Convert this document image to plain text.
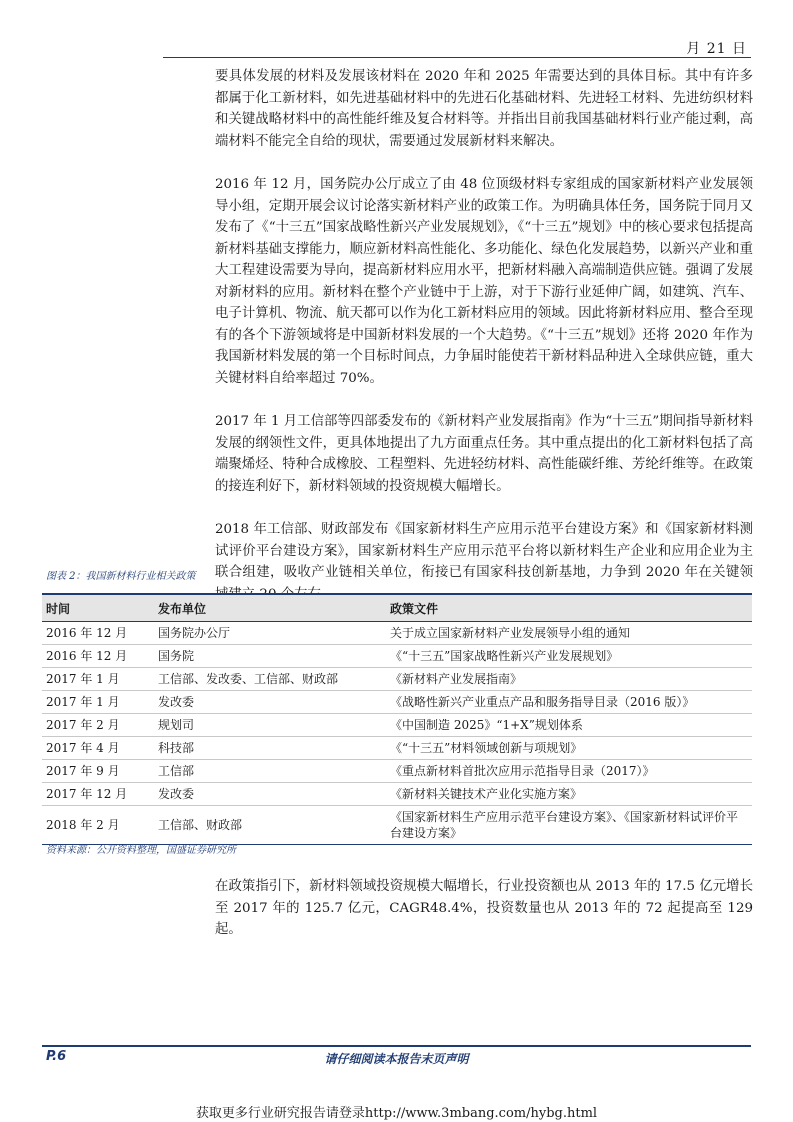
月 21 日

要具体发展的材料及发展该材料在 2020 年和 2025 年需要达到的具体目标。其中有许多都属于化工新材料，如先进基础材料中的先进石化基础材料、先进轻工材料、先进纺织材料和关键战略材料中的高性能纤维及复合材料等。并指出目前我国基础材料行业产能过剩，高端材料不能完全自给的现状，需要通过发展新材料来解决。

2016 年 12 月，国务院办公厅成立了由 48 位顶级材料专家组成的国家新材料产业发展领导小组，定期开展会议讨论落实新材料产业的政策工作。为明确具体任务，国务院于同月又发布了《“十三五”国家战略性新兴产业发展规划》，《“十三五”规划》中的核心要求包括提高新材料基础支撑能力，顺应新材料高性能化、多功能化、绿色化发展趋势，以新兴产业和重大工程建设需要为导向，提高新材料应用水平，把新材料融入高端制造供应链。强调了发展对新材料的应用。新材料在整个产业链中于上游，对于下游行业延伸广阔，如建筑、汽车、电子计算机、物流、航天都可以作为化工新材料应用的领域。因此将新材料应用、整合至现有的各个下游领域将是中国新材料发展的一个大趋势。《“十三五”规划》还将 2020 年作为我国新材料发展的第一个目标时间点，力争届时能使若干新材料品种进入全球供应链，重大关键材料自给率超过 70%。

2017 年 1 月工信部等四部委发布的《新材料产业发展指南》作为“十三五”期间指导新材料发展的纲领性文件，更具体地提出了九方面重点任务。其中重点提出的化工新材料包括了高端聚烯烃、特种合成橡胶、工程塑料、先进轻纺材料、高性能碳纤维、芳纶纤维等。在政策的接连利好下，新材料领域的投资规模大幅增长。

2018 年工信部、财政部发布《国家新材料生产应用示范平台建设方案》和《国家新材料测试评价平台建设方案》，国家新材料生产应用示范平台将以新材料生产企业和应用企业为主联合组建，吸收产业链相关单位，衔接已有国家科技创新基地，力争到 2020 年在关键领域建立 20 个左右。

图表 2：我国新材料行业相关政策
时间	发布单位	政策文件
2016 年 12 月	国务院办公厅	关于成立国家新材料产业发展领导小组的通知
2016 年 12 月	国务院	《“十三五”国家战略性新兴产业发展规划》
2017 年 1 月	工信部、发改委、工信部、财政部	《新材料产业发展指南》
2017 年 1 月	发改委	《战略性新兴产业重点产品和服务指导目录（2016 版）》
2017 年 2 月	规划司	《中国制造 2025》“1+X”规划体系
2017 年 4 月	科技部	《“十三五”材料领域创新与项规划》
2017 年 9 月	工信部	《重点新材料首批次应用示范指导目录（2017）》
2017 年 12 月	发改委	《新材料关键技术产业化实施方案》
2018 年 2 月	工信部、财政部	《国家新材料生产应用示范平台建设方案》、《国家新材料试评价平台建设方案》
资料来源：公开资料整理，国盛证券研究所

在政策指引下，新材料领域投资规模大幅增长，行业投资额也从 2013 年的 17.5 亿元增长至 2017 年的 125.7 亿元，CAGR48.4%，投资数量也从 2013 年的 72 起提高至 129 起。

P.6	请仔细阅读本报告末页声明
获取更多行业研究报告请登录http://www.3mbang.com/hybg.html
